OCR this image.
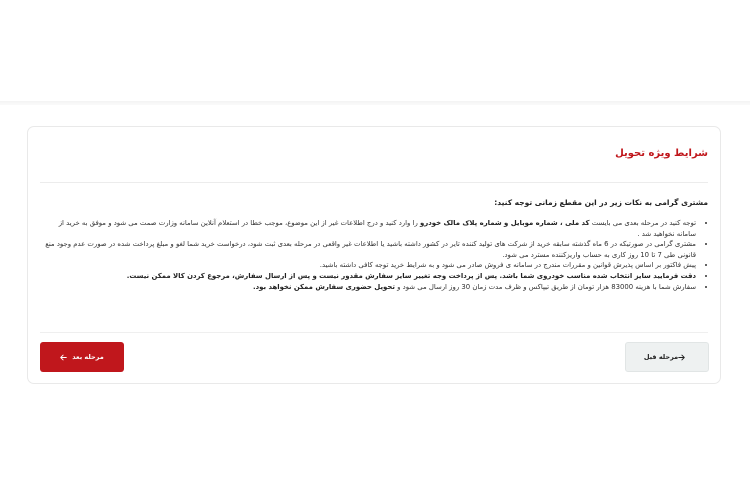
شرایط ویژه تحویل

مشتری گرامی به نکات زیر در این مقطع زمانی توجه کنید:

• توجه کنید در مرحله بعدی می بایست کد ملی ، شماره موبایل و شماره پلاک مالک خودرو را وارد کنید و درج اطلاعات غیر از این موضوع، موجب خطا در استعلام آنلاین سامانه وزارت صمت می شود و موفق به خرید از سامانه نخواهید شد .
• مشتری گرامی در صورتیکه در 6 ماه گذشته سابقه خرید از شرکت های تولید کننده تایر در کشور داشته باشید یا اطلاعات غیر واقعی در مرحله بعدی ثبت شود، درخواست خرید شما لغو و مبلغ پرداخت شده در صورت عدم وجود منع قانونی طی 7 تا 10 روز کاری به حساب واریزکننده مسترد می شود.
• پیش فاکتور بر اساس پذیرش قوانین و مقررات مندرج در سامانه ی فروش صادر می شود و به شرایط خرید توجه کافی داشته باشید.
• دقت فرمایید سایز انتخاب شده مناسب خودروی شما باشد. پس از پرداخت وجه تغییر سایز سفارش مقدور نیست و پس از ارسال سفارش، مرجوع کردن کالا ممکن نیست.
• سفارش شما با هزینه 83000 هزار تومان از طریق تیپاکس و ظرف مدت زمان 30 روز ارسال می شود و تحویل حضوری سفارش ممکن نخواهد بود.
مرحله قبل
مرحله بعد
